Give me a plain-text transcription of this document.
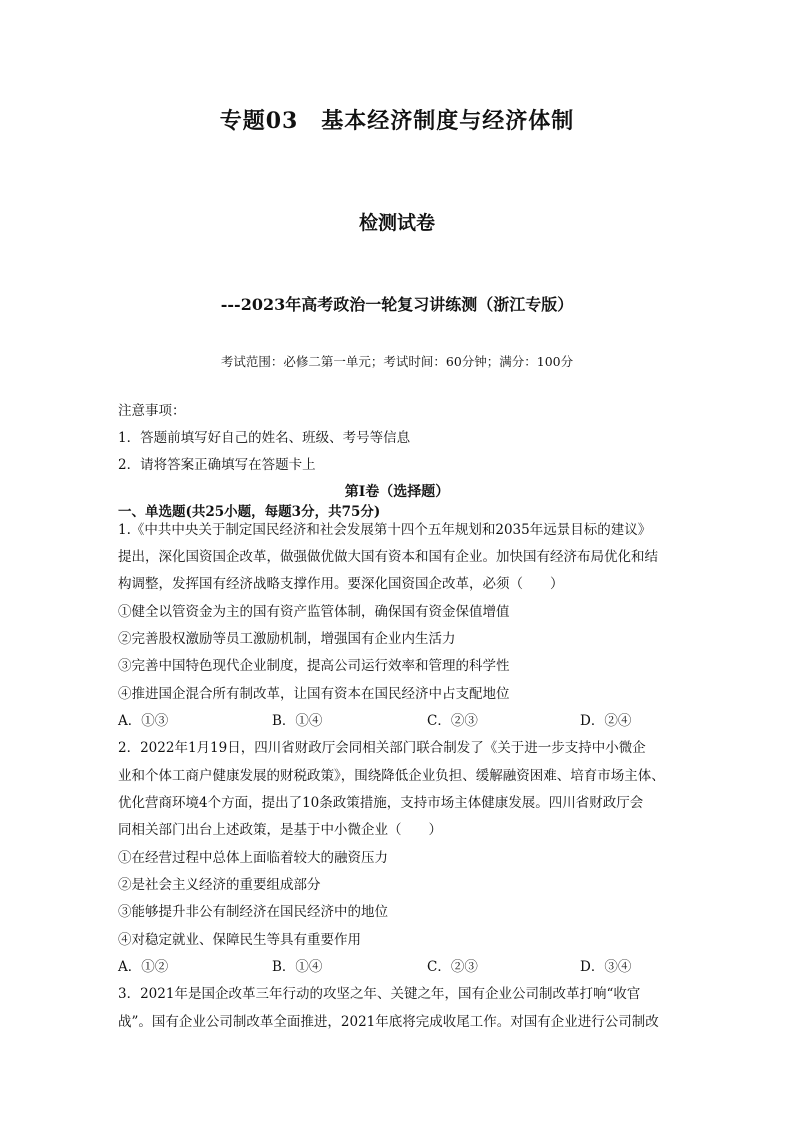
专题03　基本经济制度与经济体制
检测试卷
---2023年高考政治一轮复习讲练测（浙江专版）
考试范围：必修二第一单元；考试时间：60分钟；满分：100分
注意事项：
1．答题前填写好自己的姓名、班级、考号等信息
2．请将答案正确填写在答题卡上
第I卷（选择题）
一、单选题(共25小题，每题3分，共75分)
1.《中共中央关于制定国民经济和社会发展第十四个五年规划和2035年远景目标的建议》
提出，深化国资国企改革，做强做优做大国有资本和国有企业。加快国有经济布局优化和结
构调整，发挥国有经济战略支撑作用。要深化国资国企改革，必须（　　）
①健全以管资金为主的国有资产监管体制，确保国有资金保值增值
②完善股权激励等员工激励机制，增强国有企业内生活力
③完善中国特色现代企业制度，提高公司运行效率和管理的科学性
④推进国企混合所有制改革，让国有资本在国民经济中占支配地位
A．①③	B．①④	C．②③	D．②④
2．2022年1月19日，四川省财政厅会同相关部门联合制发了《关于进一步支持中小微企
业和个体工商户健康发展的财税政策》，围绕降低企业负担、缓解融资困难、培育市场主体、
优化营商环境4个方面，提出了10条政策措施，支持市场主体健康发展。四川省财政厅会
同相关部门出台上述政策，是基于中小微企业（　　）
①在经营过程中总体上面临着较大的融资压力
②是社会主义经济的重要组成部分
③能够提升非公有制经济在国民经济中的地位
④对稳定就业、保障民生等具有重要作用
A．①②	B．①④	C．②③	D．③④
3．2021年是国企改革三年行动的攻坚之年、关键之年，国有企业公司制改革打响“收官
战”。国有企业公司制改革全面推进，2021年底将完成收尾工作。对国有企业进行公司制改
